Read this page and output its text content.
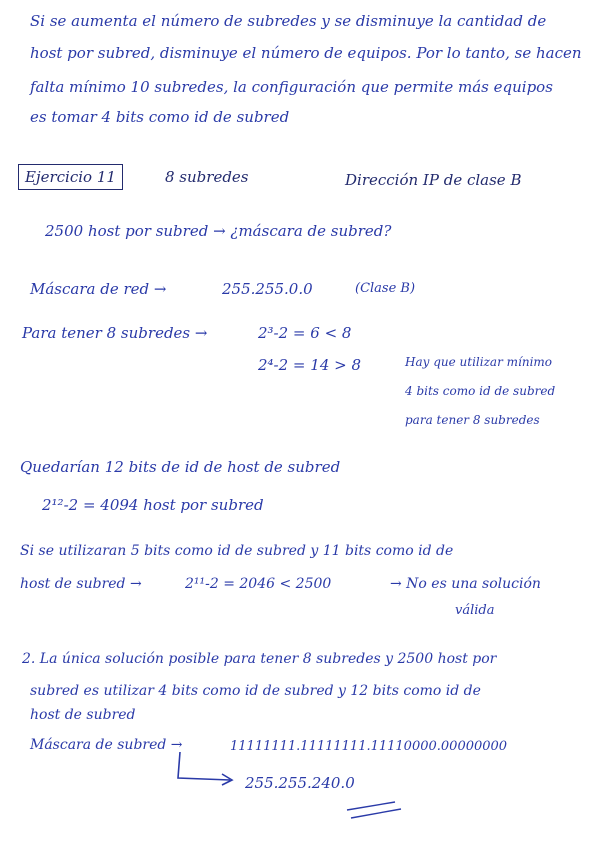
Si se aumenta el número de subredes y se disminuye la cantidad de
host por subred, disminuye el número de equipos. Por lo tanto, se hacen
falta mínimo 10 subredes, la configuración que permite más equipos
es tomar 4 bits como id de subred
Ejercicio 11	8 subredes	Dirección IP de clase B
2500 host por subred → ¿máscara de subred?
Máscara de red →	255.255.0.0	(Clase B)
Para tener 8 subredes →	2³-2 = 6 < 8
2⁴-2 = 14 > 8	Hay que utilizar mínimo
4 bits como id de subred
para tener 8 subredes
Quedarían 12 bits de id de host de subred
2¹²-2 = 4094 host por subred
Si se utilizaran 5 bits como id de subred y 11 bits como id de
host de subred →	2¹¹-2 = 2046 < 2500	→ No es una solución
válida
2. La única solución posible para tener 8 subredes y 2500 host por
subred es utilizar 4 bits como id de subred y 12 bits como id de
host de subred
Máscara de subred →	11111111.11111111.11110000.00000000
255.255.240.0
